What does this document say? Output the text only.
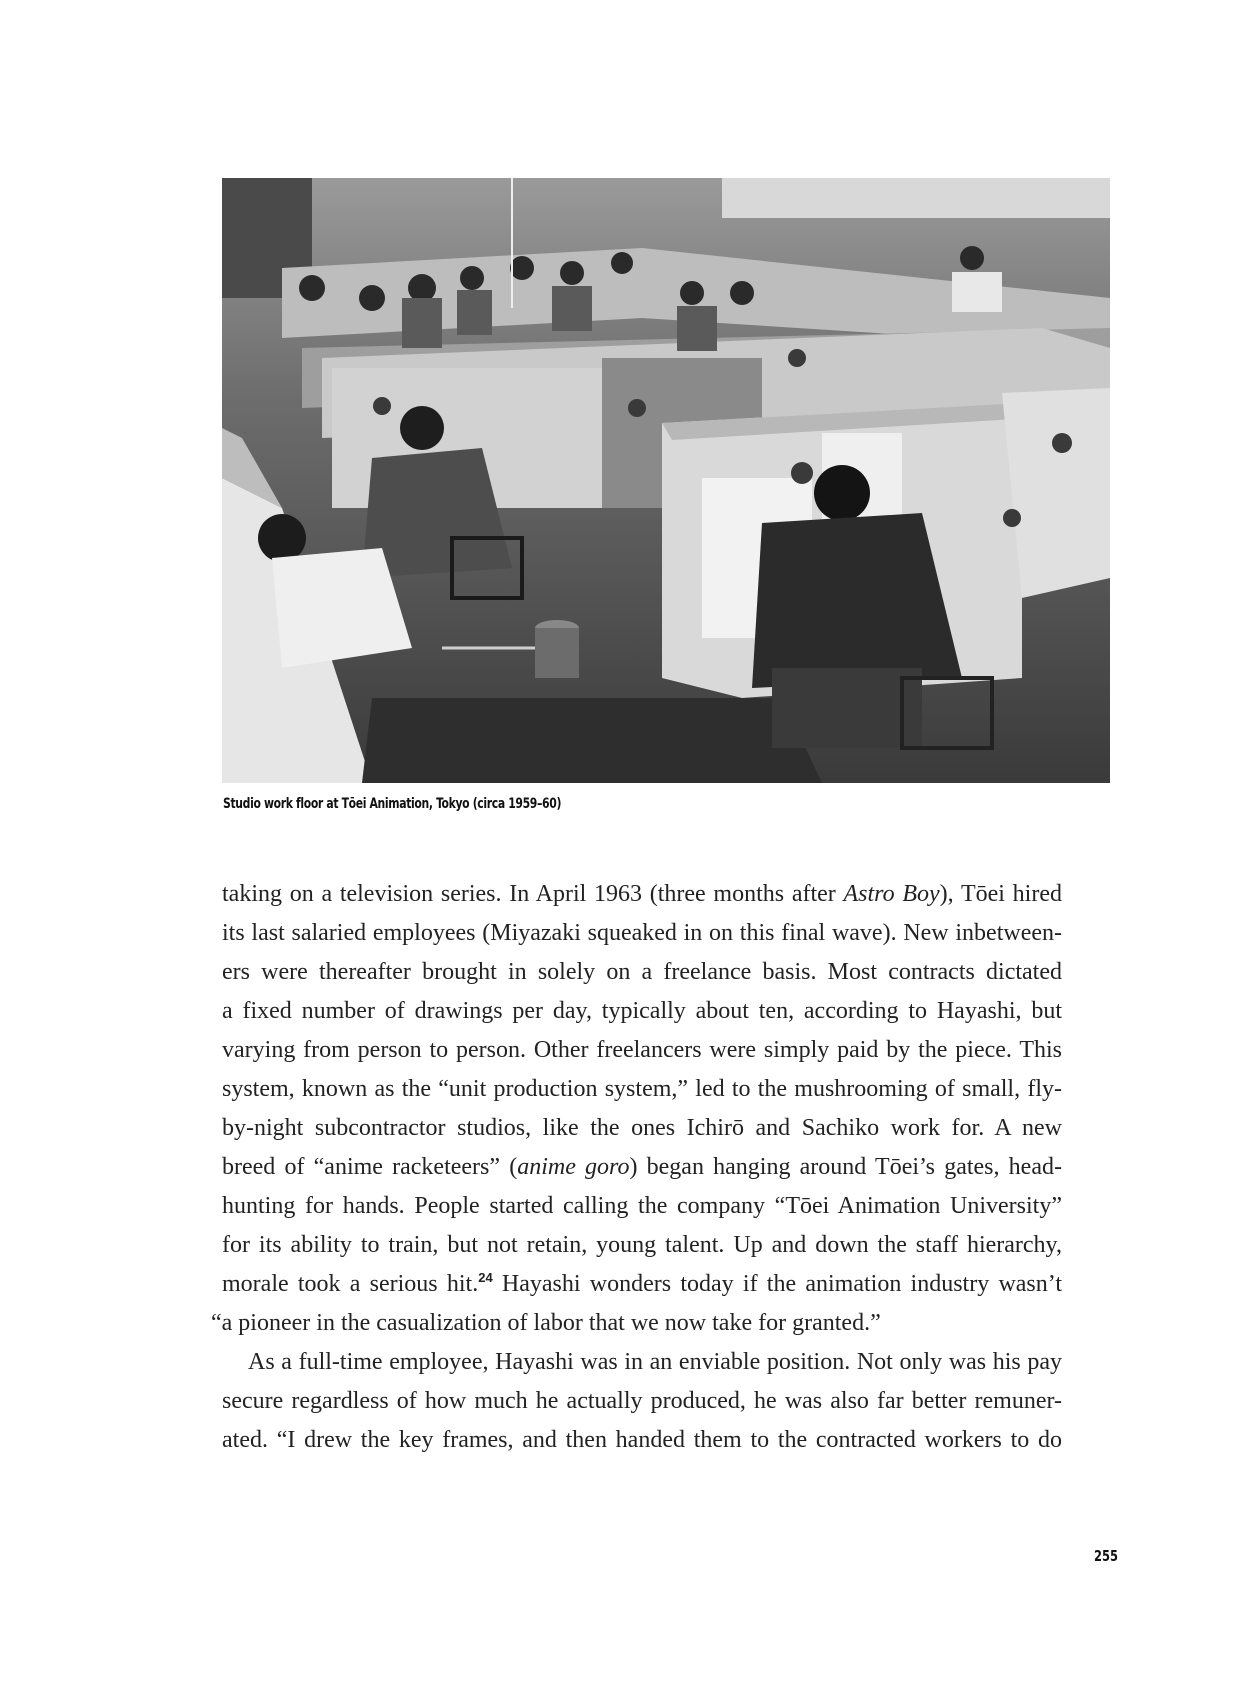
Studio work floor at Tōei Animation, Tokyo (circa 1959–60)
taking on a television series. In April 1963 (three months after Astro Boy), Tōei hired
its last salaried employees (Miyazaki squeaked in on this final wave). New inbetween-
ers were thereafter brought in solely on a freelance basis. Most contracts dictated
a fixed number of drawings per day, typically about ten, according to Hayashi, but
varying from person to person. Other freelancers were simply paid by the piece. This
system, known as the “unit production system,” led to the mushrooming of small, fly-
by-night subcontractor studios, like the ones Ichirō and Sachiko work for. A new
breed of “anime racketeers” (anime goro) began hanging around Tōei’s gates, head-
hunting for hands. People started calling the company “Tōei Animation University”
for its ability to train, but not retain, young talent. Up and down the staff hierarchy,
morale took a serious hit.$^{24}$ Hayashi wonders today if the animation industry wasn’t
“a pioneer in the casualization of labor that we now take for granted.”
As a full-time employee, Hayashi was in an enviable position. Not only was his pay
secure regardless of how much he actually produced, he was also far better remuner-
ated. “I drew the key frames, and then handed them to the contracted workers to do
255
